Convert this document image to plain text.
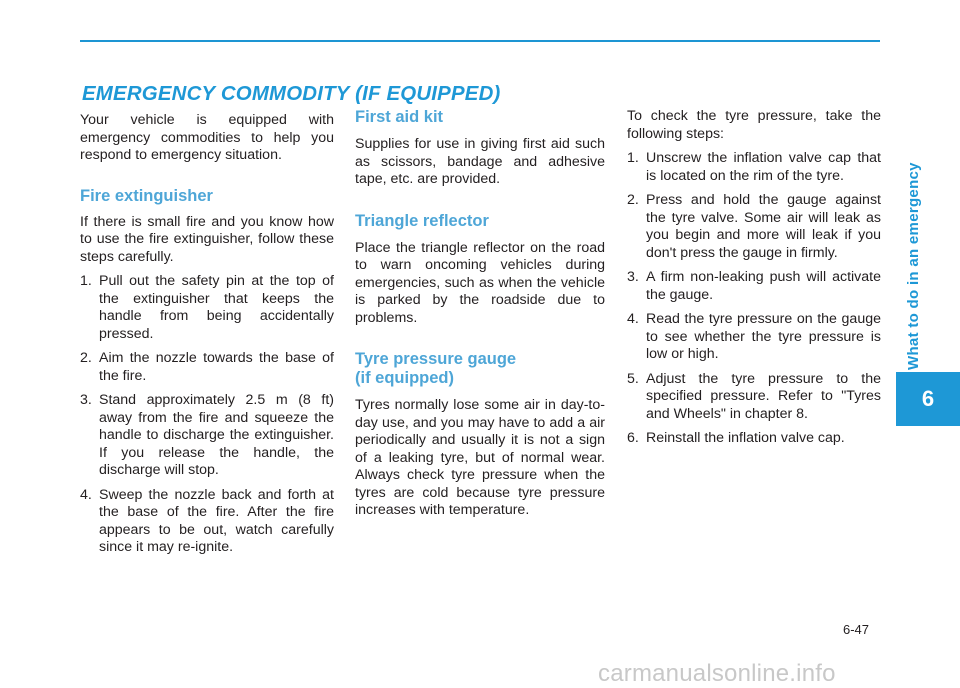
What to do in an emergency
6
EMERGENCY COMMODITY (IF EQUIPPED)

Your vehicle is equipped with emergency commodities to help you respond to emergency situation.

Fire extinguisher

If there is small fire and you know how to use the fire extinguisher, follow these steps carefully.

1. Pull out the safety pin at the top of the extinguisher that keeps the handle from being accidentally pressed.
2. Aim the nozzle towards the base of the fire.
3. Stand approximately 2.5 m (8 ft) away from the fire and squeeze the handle to discharge the extinguisher. If you release the handle, the discharge will stop.
4. Sweep the nozzle back and forth at the base of the fire. After the fire appears to be out, watch carefully since it may re-ignite.
First aid kit

Supplies for use in giving first aid such as scissors, bandage and adhesive tape, etc. are provided.

Triangle reflector

Place the triangle reflector on the road to warn oncoming vehicles during emergencies, such as when the vehicle is parked by the roadside due to problems.

Tyre pressure gauge
(if equipped)

Tyres normally lose some air in day-to-day use, and you may have to add a air periodically and usually it is not a sign of a leaking tyre, but of normal wear. Always check tyre pressure when the tyres are cold because tyre pressure increases with temperature.

To check the tyre pressure, take the following steps:

1. Unscrew the inflation valve cap that is located on the rim of the tyre.
2. Press and hold the gauge against the tyre valve. Some air will leak as you begin and more will leak if you don't press the gauge in firmly.
3. A firm non-leaking push will activate the gauge.
4. Read the tyre pressure on the gauge to see whether the tyre pressure is low or high.
5. Adjust the tyre pressure to the specified pressure. Refer to "Tyres and Wheels" in chapter 8.
6. Reinstall the inflation valve cap.
6-47
carmanualsonline.info
